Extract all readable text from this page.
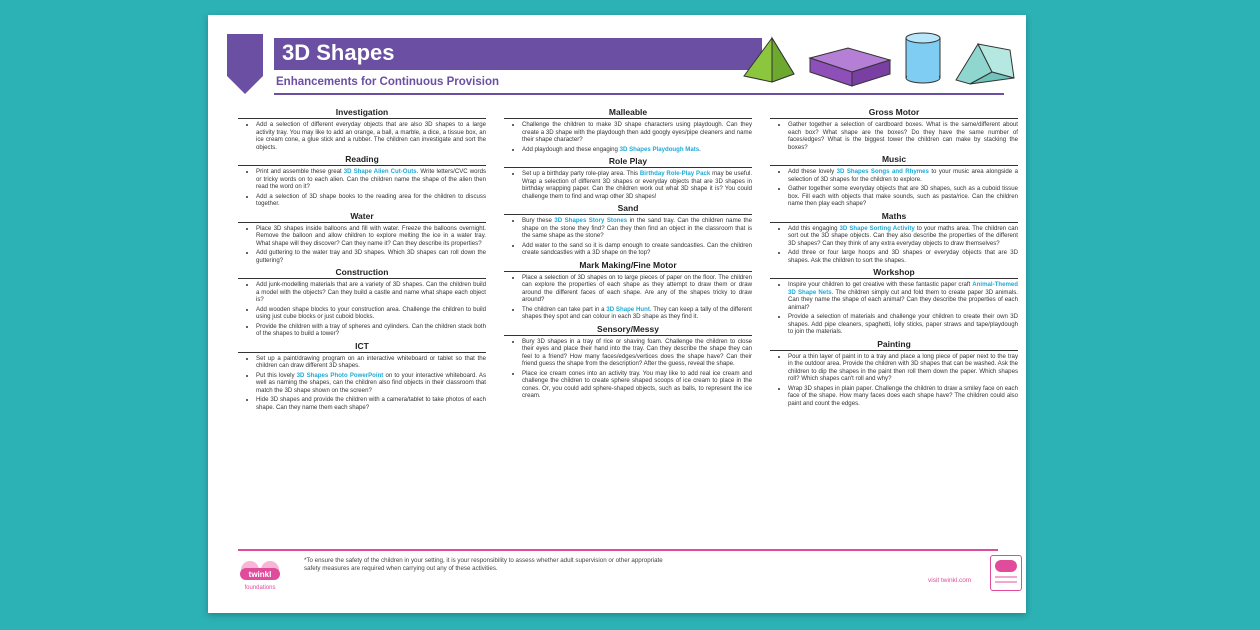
3D Shapes
Enhancements for Continuous Provision
Investigation
• Add a selection of different everyday objects that are also 3D shapes to a large activity tray. You may like to add an orange, a ball, a marble, a dice, a tissue box, an ice cream cone, a glue stick and a rubber. The children can investigate and sort the objects.
Reading
• Print and assemble these great 3D Shape Alien Cut-Outs. Write letters/CVC words or tricky words on to each alien. Can the children name the shape of the alien then read the word on it?
• Add a selection of 3D shape books to the reading area for the children to discuss together.
Water
• Place 3D shapes inside balloons and fill with water. Freeze the balloons overnight. Remove the balloon and allow children to explore melting the ice in a water tray. What shape will they discover? Can they name it? Can they describe its properties?
• Add guttering to the water tray and 3D shapes. Which 3D shapes can roll down the guttering?
Construction
• Add junk-modelling materials that are a variety of 3D shapes. Can the children build a model with the objects? Can they build a castle and name what shape each object is?
• Add wooden shape blocks to your construction area. Challenge the children to build using just cube blocks or just cuboid blocks.
• Provide the children with a tray of spheres and cylinders. Can the children stack both of the shapes to build a tower?
ICT
• Set up a paint/drawing program on an interactive whiteboard or tablet so that the children can draw different 3D shapes.
• Put this lovely 3D Shapes Photo PowerPoint on to your interactive whiteboard. As well as naming the shapes, can the children also find objects in their classroom that match the 3D shape shown on the screen?
• Hide 3D shapes and provide the children with a camera/tablet to take photos of each shape. Can they name them each shape?
Malleable
• Challenge the children to make 3D shape characters using playdough. Can they create a 3D shape with the playdough then add googly eyes/pipe cleaners and name their shape character?
• Add playdough and these engaging 3D Shapes Playdough Mats.
Role Play
• Set up a birthday party role-play area. This Birthday Role-Play Pack may be useful. Wrap a selection of different 3D shapes or everyday objects that are 3D shapes in birthday wrapping paper. Can the children work out what 3D shape it is? You could challenge them to find and wrap other 3D shapes!
Sand
• Bury these 3D Shapes Story Stones in the sand tray. Can the children name the shape on the stone they find? Can they then find an object in the classroom that is the same shape as the stone?
• Add water to the sand so it is damp enough to create sandcastles. Can the children create sandcastles with a 3D shape on the top?
Mark Making/Fine Motor
• Place a selection of 3D shapes on to large pieces of paper on the floor. The children can explore the properties of each shape as they attempt to draw them or draw around the different faces of each shape. Are any of the shapes tricky to draw around?
• The children can take part in a 3D Shape Hunt. They can keep a tally of the different shapes they spot and can colour in each 3D shape as they find it.
Sensory/Messy
• Bury 3D shapes in a tray of rice or shaving foam. Challenge the children to close their eyes and place their hand into the tray. Can they describe the shape they can feel to a friend? How many faces/edges/vertices does the shape have? Can their friend guess the shape from the description? After the guess, reveal the shape.
• Place ice cream cones into an activity tray. You may like to add real ice cream and challenge the children to create sphere shaped scoops of ice cream to place in the cones. Or, you could add sphere-shaped objects, such as balls, to represent the ice cream.
Gross Motor
• Gather together a selection of cardboard boxes. What is the same/different about each box? What shape are the boxes? Do they have the same number of faces/edges? What is the biggest tower the children can make by stacking the boxes?
Music
• Add these lovely 3D Shapes Songs and Rhymes to your music area alongside a selection of 3D shapes for the children to explore.
• Gather together some everyday objects that are 3D shapes, such as a cuboid tissue box. Fill each with objects that make sounds, such as pasta/rice. Can the children name then play each shape?
Maths
• Add this engaging 3D Shape Sorting Activity to your maths area. The children can sort out the 3D shape objects. Can they also describe the properties of the different 3D shapes? Can they think of any extra everyday objects to draw themselves?
• Add three or four large hoops and 3D shapes or everyday objects that are 3D shapes. Ask the children to sort the shapes.
Workshop
• Inspire your children to get creative with these fantastic paper craft Animal-Themed 3D Shape Nets. The children simply cut and fold them to create paper 3D animals. Can they name the shape of each animal? Can they describe the properties of each animal?
• Provide a selection of materials and challenge your children to create their own 3D shapes. Add pipe cleaners, spaghetti, lolly sticks, paper straws and tape/playdough to join the materials.
Painting
• Pour a thin layer of paint in to a tray and place a long piece of paper next to the tray in the outdoor area. Provide the children with 3D shapes that can be washed. Ask the children to dip the shapes in the paint then roll them down the paper. Which shapes roll? Which shapes can't roll and why?
• Wrap 3D shapes in plain paper. Challenge the children to draw a smiley face on each face of the shape. How many faces does each shape have? The children could also paint and count the edges.
twinkl
foundations
*To ensure the safety of the children in your setting, it is your responsibility to assess whether adult supervision or other appropriate safety measures are required when carrying out any of these activities.
visit twinkl.com
